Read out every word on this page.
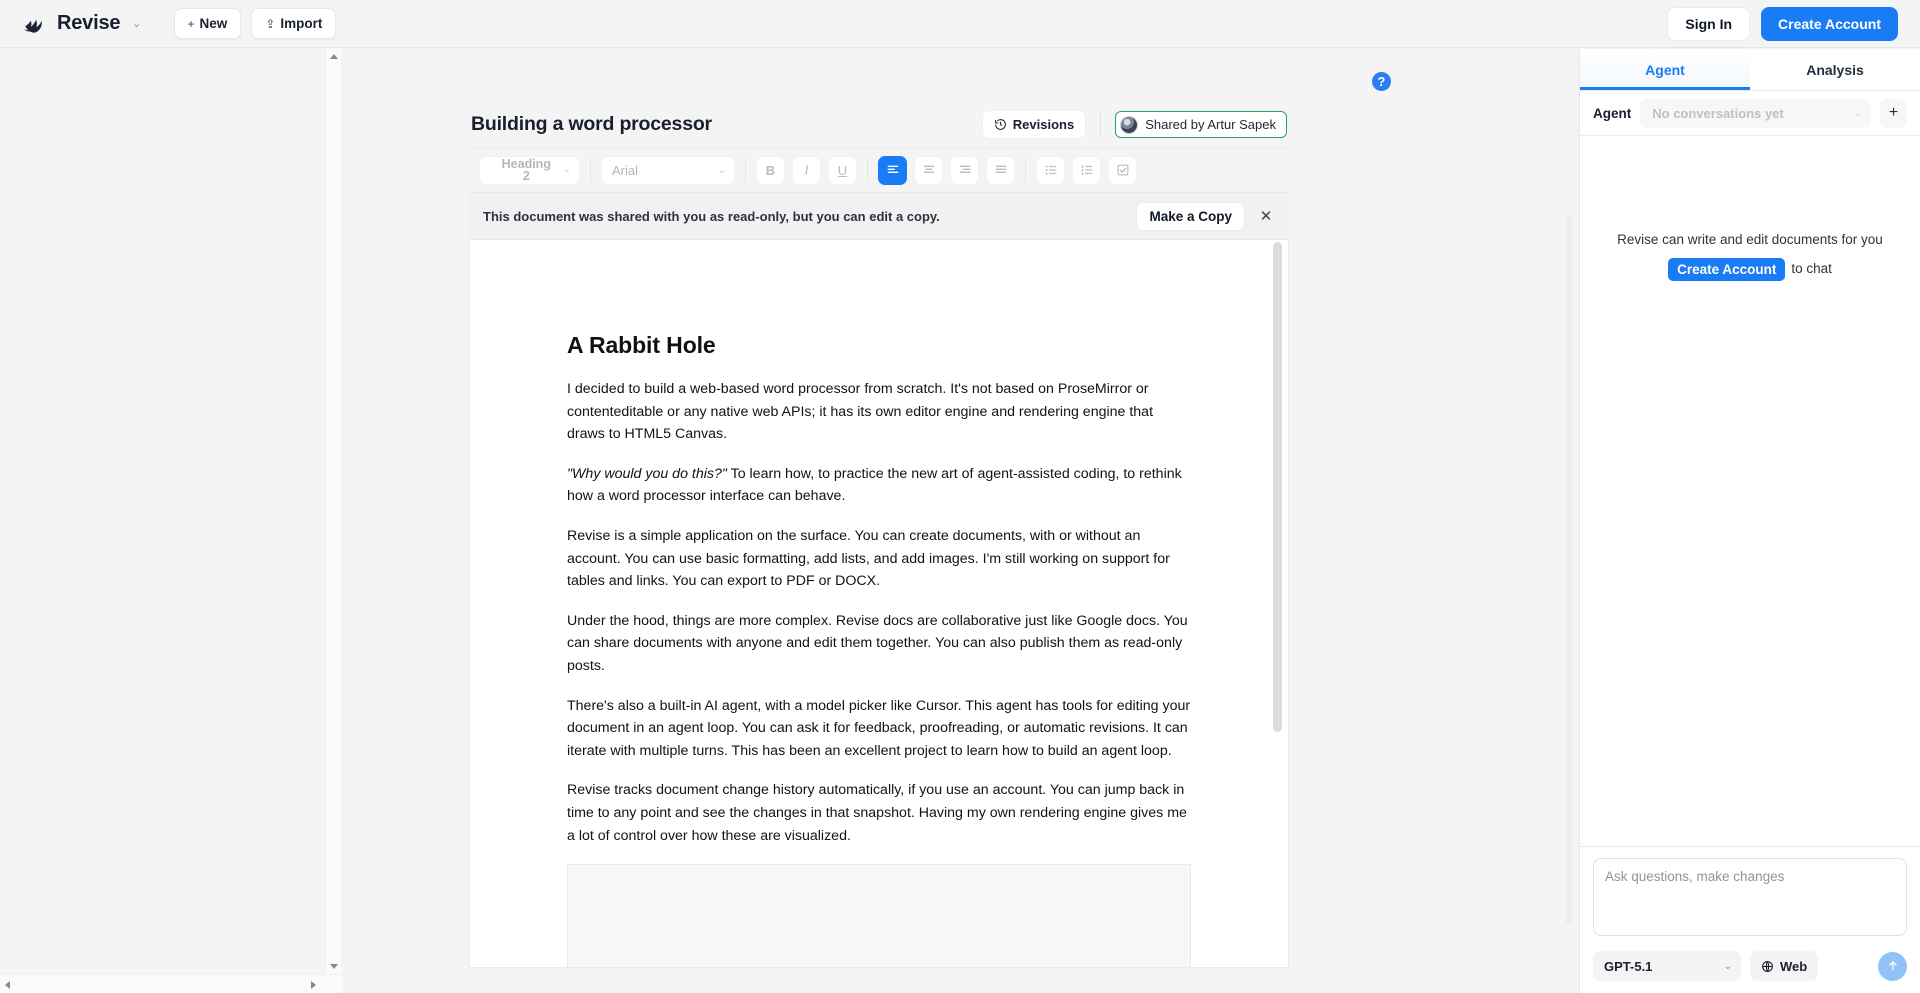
Revise ⌄	+ New	⇪ Import	Sign In	Create Account
?
Building a word processor	Revisions	Shared by Artur Sapek
Heading
2	⌄	Arial	⌄	B	I	U
This document was shared with you as read-only, but you can edit a copy.	Make a Copy	✕
A Rabbit Hole

I decided to build a web-based word processor from scratch. It's not based on ProseMirror or contenteditable or any native web APIs; it has its own editor engine and rendering engine that draws to HTML5 Canvas.

"Why would you do this?" To learn how, to practice the new art of agent-assisted coding, to rethink how a word processor interface can behave.

Revise is a simple application on the surface. You can create documents, with or without an account. You can use basic formatting, add lists, and add images. I'm still working on support for tables and links. You can export to PDF or DOCX.

Under the hood, things are more complex. Revise docs are collaborative just like Google docs. You can share documents with anyone and edit them together. You can also publish them as read-only posts.

There's also a built-in AI agent, with a model picker like Cursor. This agent has tools for editing your document in an agent loop. You can ask it for feedback, proofreading, or automatic revisions. It can iterate with multiple turns. This has been an excellent project to learn how to build an agent loop.

Revise tracks document change history automatically, if you use an account. You can jump back in time to any point and see the changes in that snapshot. Having my own rendering engine gives me a lot of control over how these are visualized.

Agent	Analysis
Agent No conversations yet	⌄	+
Revise can write and edit documents for you
Create Account to chat
Ask questions, make changes
GPT-5.1	⌄	Web
